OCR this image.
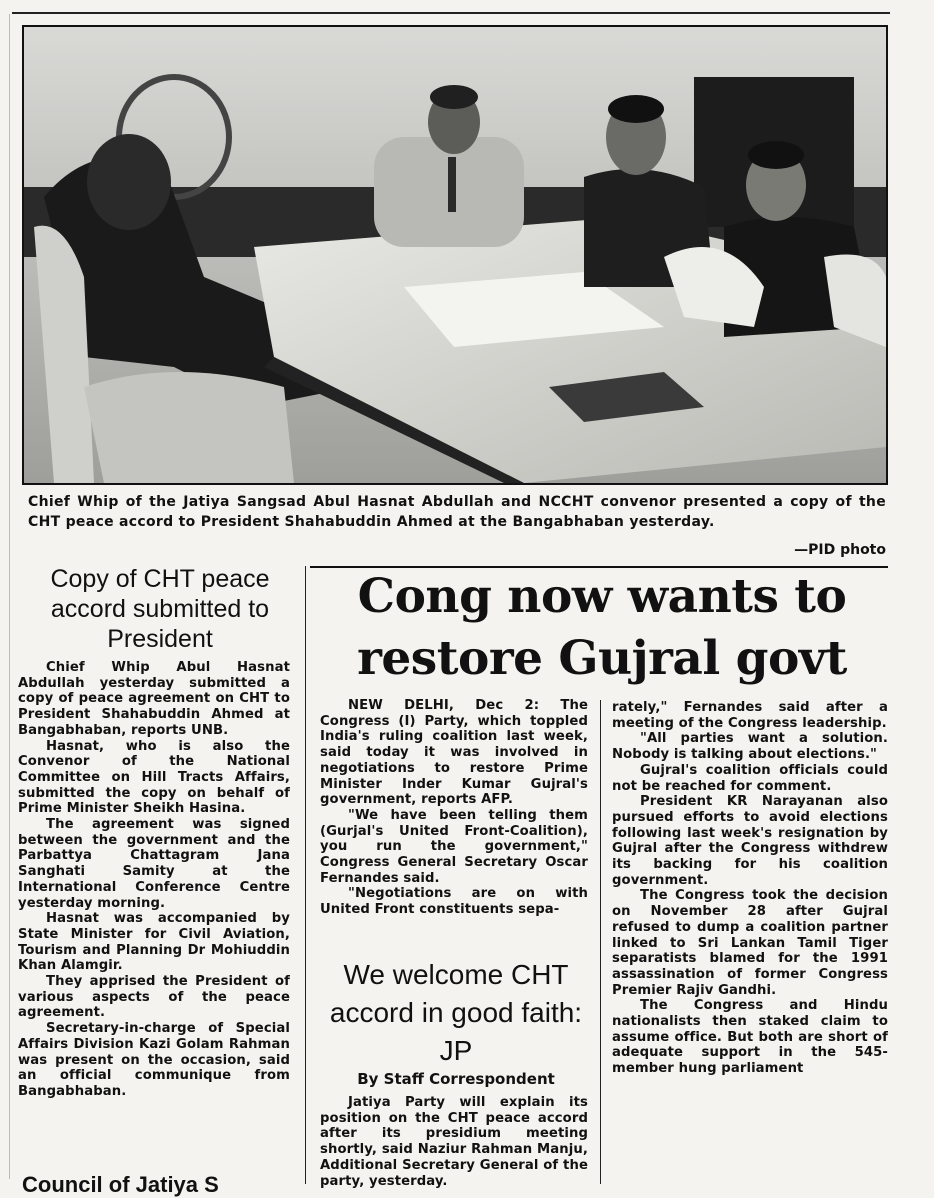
Chief Whip of the Jatiya Sangsad Abul Hasnat Abdullah and NCCHT convenor presented a copy of the CHT peace accord to President Shahabuddin Ahmed at the Bangabhaban yesterday.
—PID photo
Copy of CHT peace accord submitted to President

Chief Whip Abul Hasnat Abdullah yesterday submitted a copy of peace agreement on CHT to President Shahabuddin Ahmed at Bangabhaban, reports UNB.

Hasnat, who is also the Convenor of the National Committee on Hill Tracts Affairs, submitted the copy on behalf of Prime Minister Sheikh Hasina.

The agreement was signed between the government and the Parbattya Chattagram Jana Sanghati Samity at the International Conference Centre yesterday morning.

Hasnat was accompanied by State Minister for Civil Aviation, Tourism and Planning Dr Mohiuddin Khan Alamgir.

They apprised the President of various aspects of the peace agreement.

Secretary-in-charge of Special Affairs Division Kazi Golam Rahman was present on the occasion, said an official communique from Bangabhaban.

Cong now wants to
restore Gujral govt

NEW DELHI, Dec 2: The Congress (I) Party, which toppled India's ruling coalition last week, said today it was involved in negotiations to restore Prime Minister Inder Kumar Gujral's government, reports AFP.

"We have been telling them (Gurjal's United Front-Coalition), you run the government," Congress General Secretary Oscar Fernandes said.

"Negotiations are on with United Front constituents sepa-

rately," Fernandes said after a meeting of the Congress leadership.

"All parties want a solution. Nobody is talking about elections."

Gujral's coalition officials could not be reached for comment.

President KR Narayanan also pursued efforts to avoid elections following last week's resignation by Gujral after the Congress withdrew its backing for his coalition government.

The Congress took the decision on November 28 after Gujral refused to dump a coalition partner linked to Sri Lankan Tamil Tiger separatists blamed for the 1991 assassination of former Congress Premier Rajiv Gandhi.

The Congress and Hindu nationalists then staked claim to assume office. But both are short of adequate support in the 545-member hung parliament

Jatiya Party will explain its position on the CHT peace accord after its presidium meeting shortly, said Naziur Rahman Manju, Additional Secretary General of the party, yesterday.

Council of Jatiya S
We welcome CHT accord in good faith: JP
By Staff Correspondent
